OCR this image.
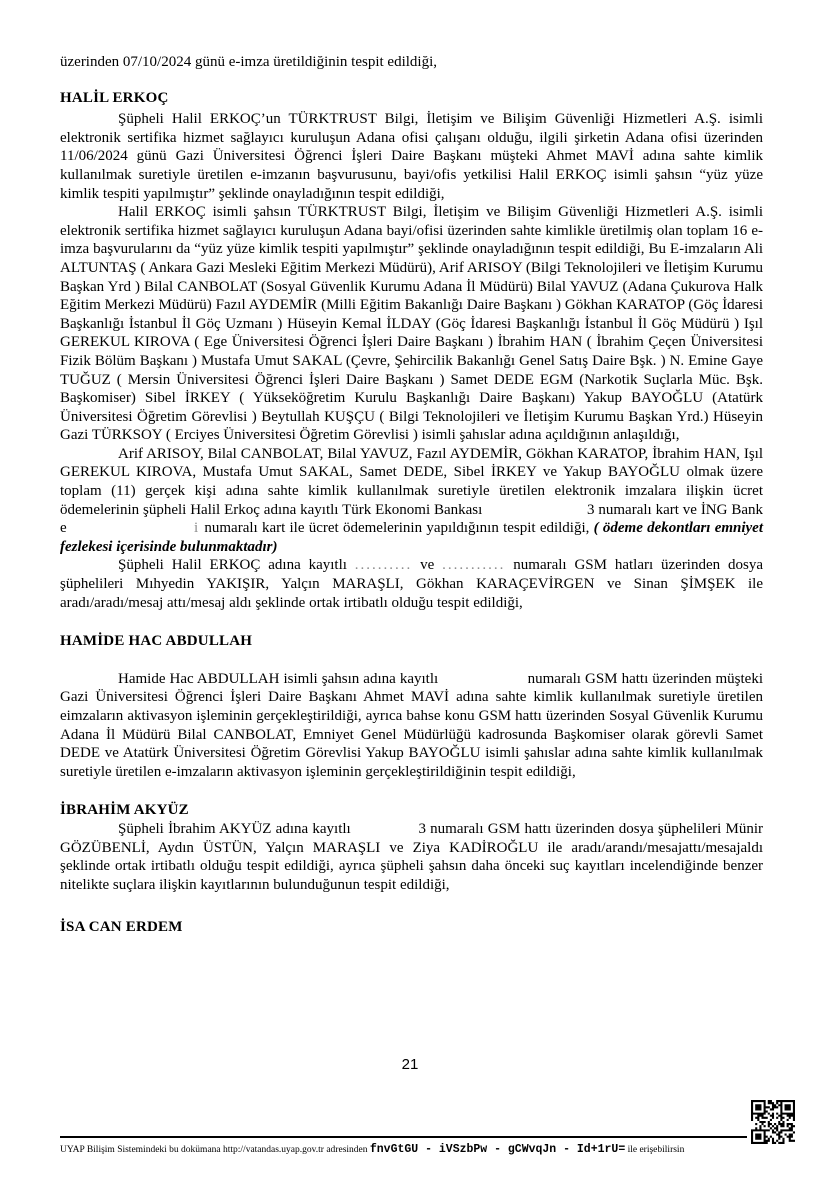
üzerinden 07/10/2024 günü e-imza üretildiğinin tespit edildiği,

HALİL ERKOÇ

Şüpheli Halil ERKOÇ’un TÜRKTRUST Bilgi, İletişim ve Bilişim Güvenliği Hizmetleri A.Ş. isimli elektronik sertifika hizmet sağlayıcı kuruluşun Adana ofisi çalışanı olduğu, ilgili şirketin Adana ofisi üzerinden 11/06/2024 günü Gazi Üniversitesi Öğrenci İşleri Daire Başkanı müşteki Ahmet MAVİ adına sahte kimlik kullanılmak suretiyle üretilen e-imzanın başvurusunu, bayi/ofis yetkilisi Halil ERKOÇ isimli şahsın “yüz yüze kimlik tespiti yapılmıştır” şeklinde onayladığının tespit edildiği,

Halil ERKOÇ isimli şahsın TÜRKTRUST Bilgi, İletişim ve Bilişim Güvenliği Hizmetleri A.Ş. isimli elektronik sertifika hizmet sağlayıcı kuruluşun Adana bayi/ofisi üzerinden sahte kimlikle üretilmiş olan toplam 16 e-imza başvurularını da “yüz yüze kimlik tespiti yapılmıştır” şeklinde onayladığının tespit edildiği, Bu E-imzaların Ali ALTUNTAŞ ( Ankara Gazi Mesleki Eğitim Merkezi Müdürü), Arif ARISOY (Bilgi Teknolojileri ve İletişim Kurumu Başkan Yrd ) Bilal CANBOLAT (Sosyal Güvenlik Kurumu Adana İl Müdürü) Bilal YAVUZ (Adana Çukurova Halk Eğitim Merkezi Müdürü) Fazıl AYDEMİR (Milli Eğitim Bakanlığı Daire Başkanı ) Gökhan KARATOP (Göç İdaresi Başkanlığı İstanbul İl Göç Uzmanı ) Hüseyin Kemal İLDAY (Göç İdaresi Başkanlığı İstanbul İl Göç Müdürü ) Işıl GEREKUL KIROVA ( Ege Üniversitesi Öğrenci İşleri Daire Başkanı ) İbrahim HAN ( İbrahim Çeçen Üniversitesi Fizik Bölüm Başkanı ) Mustafa Umut SAKAL (Çevre, Şehircilik Bakanlığı Genel Satış Daire Bşk. ) N. Emine Gaye TUĞUZ ( Mersin Üniversitesi Öğrenci İşleri Daire Başkanı ) Samet DEDE EGM (Narkotik Suçlarla Müc. Bşk. Başkomiser) Sibel İRKEY ( Yükseköğretim Kurulu Başkanlığı Daire Başkanı) Yakup BAYOĞLU (Atatürk Üniversitesi Öğretim Görevlisi ) Beytullah KUŞÇU ( Bilgi Teknolojileri ve İletişim Kurumu Başkan Yrd.) Hüseyin Gazi TÜRKSOY ( Erciyes Üniversitesi Öğretim Görevlisi ) isimli şahıslar adına açıldığının anlaşıldığı,

Arif ARISOY, Bilal CANBOLAT, Bilal YAVUZ, Fazıl AYDEMİR, Gökhan KARATOP, İbrahim HAN, Işıl GEREKUL KIROVA, Mustafa Umut SAKAL, Samet DEDE, Sibel İRKEY ve Yakup BAYOĞLU olmak üzere toplam (11) gerçek kişi adına sahte kimlik kullanılmak suretiyle üretilen elektronik imzalara ilişkin ücret ödemelerinin şüpheli Halil Erkoç adına kayıtlı Türk Ekonomi Bankası	3 numaralı kart ve İNG Bank e	i numaralı kart ile ücret ödemelerinin yapıldığının tespit edildiği, ( ödeme dekontları emniyet fezlekesi içerisinde bulunmaktadır)

Şüpheli Halil ERKOÇ adına kayıtlı .......... ve ........... numaralı GSM hatları üzerinden dosya şüphelileri Mıhyedin YAKIŞIR, Yalçın MARAŞLI, Gökhan KARAÇEVİRGEN ve Sinan ŞİMŞEK ile aradı/aradı/mesaj attı/mesaj aldı şeklinde ortak irtibatlı olduğu tespit edildiği,

HAMİDE HAC ABDULLAH

Hamide Hac ABDULLAH isimli şahsın adına kayıtlı	numaralı GSM hattı üzerinden müşteki Gazi Üniversitesi Öğrenci İşleri Daire Başkanı Ahmet MAVİ adına sahte kimlik kullanılmak suretiyle üretilen eimzaların aktivasyon işleminin gerçekleştirildiği, ayrıca bahse konu GSM hattı üzerinden Sosyal Güvenlik Kurumu Adana İl Müdürü Bilal CANBOLAT, Emniyet Genel Müdürlüğü kadrosunda Başkomiser olarak görevli Samet DEDE ve Atatürk Üniversitesi Öğretim Görevlisi Yakup BAYOĞLU isimli şahıslar adına sahte kimlik kullanılmak suretiyle üretilen e-imzaların aktivasyon işleminin gerçekleştirildiğinin tespit edildiği,

İBRAHİM AKYÜZ

Şüpheli İbrahim AKYÜZ adına kayıtlı	3 numaralı GSM hattı üzerinden dosya şüphelileri Münir GÖZÜBENLİ, Aydın ÜSTÜN, Yalçın MARAŞLI ve Ziya KADİROĞLU ile aradı/arandı/mesajattı/mesajaldı şeklinde ortak irtibatlı olduğu tespit edildiği, ayrıca şüpheli şahsın daha önceki suç kayıtları incelendiğinde benzer nitelikte suçlara ilişkin kayıtlarının bulunduğunun tespit edildiği,

İSA CAN ERDEM
21
UYAP Bilişim Sistemindeki bu dokümana http://vatandas.uyap.gov.tr adresinden fnvGtGU - iVSzbPw - gCWvqJn - Id+1rU= ile erişebilirsin
